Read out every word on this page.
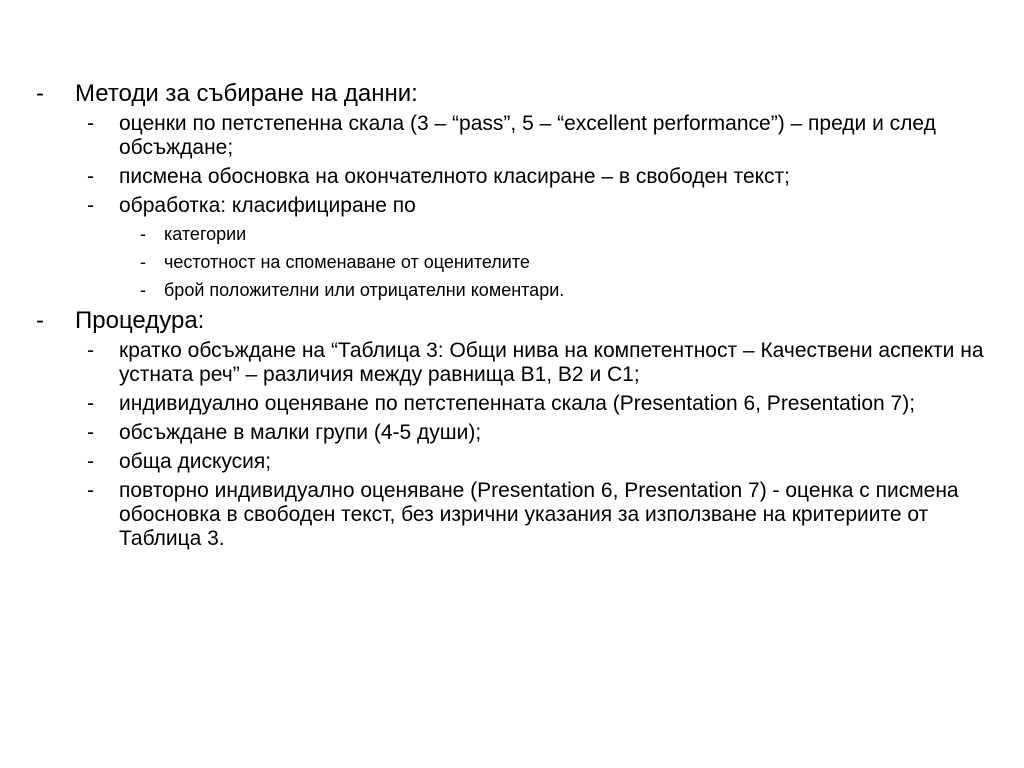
- Методи за събиране на данни:
- оценки по петстепенна скала (3 – “pass”, 5 – “excellent performance”) – преди и след обсъждане;
- писмена обосновка на окончателното класиране – в свободен текст;
- обработка: класифициране по
- категории
- честотност на споменаване от оценителите
- брой положителни или отрицателни коментари.
- Процедура:
- кратко обсъждане на “Таблица 3: Общи нива на компетентност – Качествени аспекти на устната реч” – различия между равнища B1, B2 и C1;
- индивидуално оценяване по петстепенната скала (Presentation 6, Presentation 7);
- обсъждане в малки групи (4-5 души);
- обща дискусия;
- повторно индивидуално оценяване (Presentation 6, Presentation 7) - оценка с писмена обосновка в свободен текст, без изрични указания за използване на критериите от Таблица 3.
